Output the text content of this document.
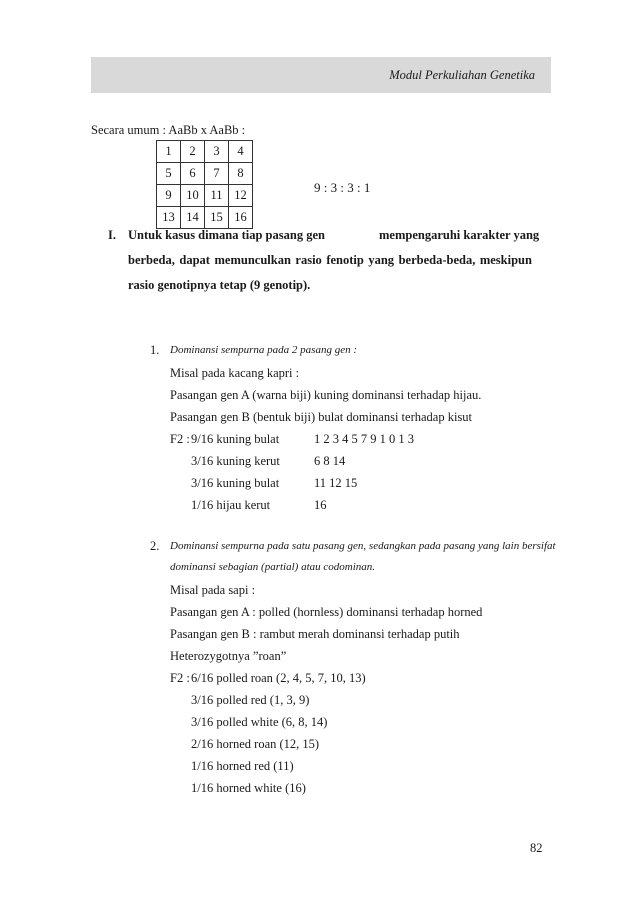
Modul Perkuliahan Genetika
Secara umum : AaBb x AaBb :
1	2	3	4
5	6	7	8
9	10	11	12
13	14	15	16
9 : 3 : 3 : 1
I. Untuk kasus dimana tiap pasang gen	mempengaruhi karakter yang
berbeda, dapat memunculkan rasio fenotip yang berbeda-beda, meskipun
rasio genotipnya tetap (9 genotip).
1. Dominansi sempurna pada 2 pasang gen :
Misal pada kacang kapri :
Pasangan gen A (warna biji) kuning dominansi terhadap hijau.
Pasangan gen B (bentuk biji) bulat dominansi terhadap kisut
F2 : 9/16 kuning bulat	1 2 3 4 5 7 9 1 0 1 3
3/16 kuning kerut	6 8 14
3/16 kuning bulat	11 12 15
1/16 hijau kerut	16
2. Dominansi sempurna pada satu pasang gen, sedangkan pada pasang yang lain bersifat
dominansi sebagian (partial) atau codominan.
Misal pada sapi :
Pasangan gen A : polled (hornless) dominansi terhadap horned
Pasangan gen B : rambut merah dominansi terhadap putih
Heterozygotnya ”roan”
F2 : 6/16 polled roan (2, 4, 5, 7, 10, 13)
3/16 polled red (1, 3, 9)
3/16 polled white (6, 8, 14)
2/16 horned roan (12, 15)
1/16 horned red (11)
1/16 horned white (16)
82
